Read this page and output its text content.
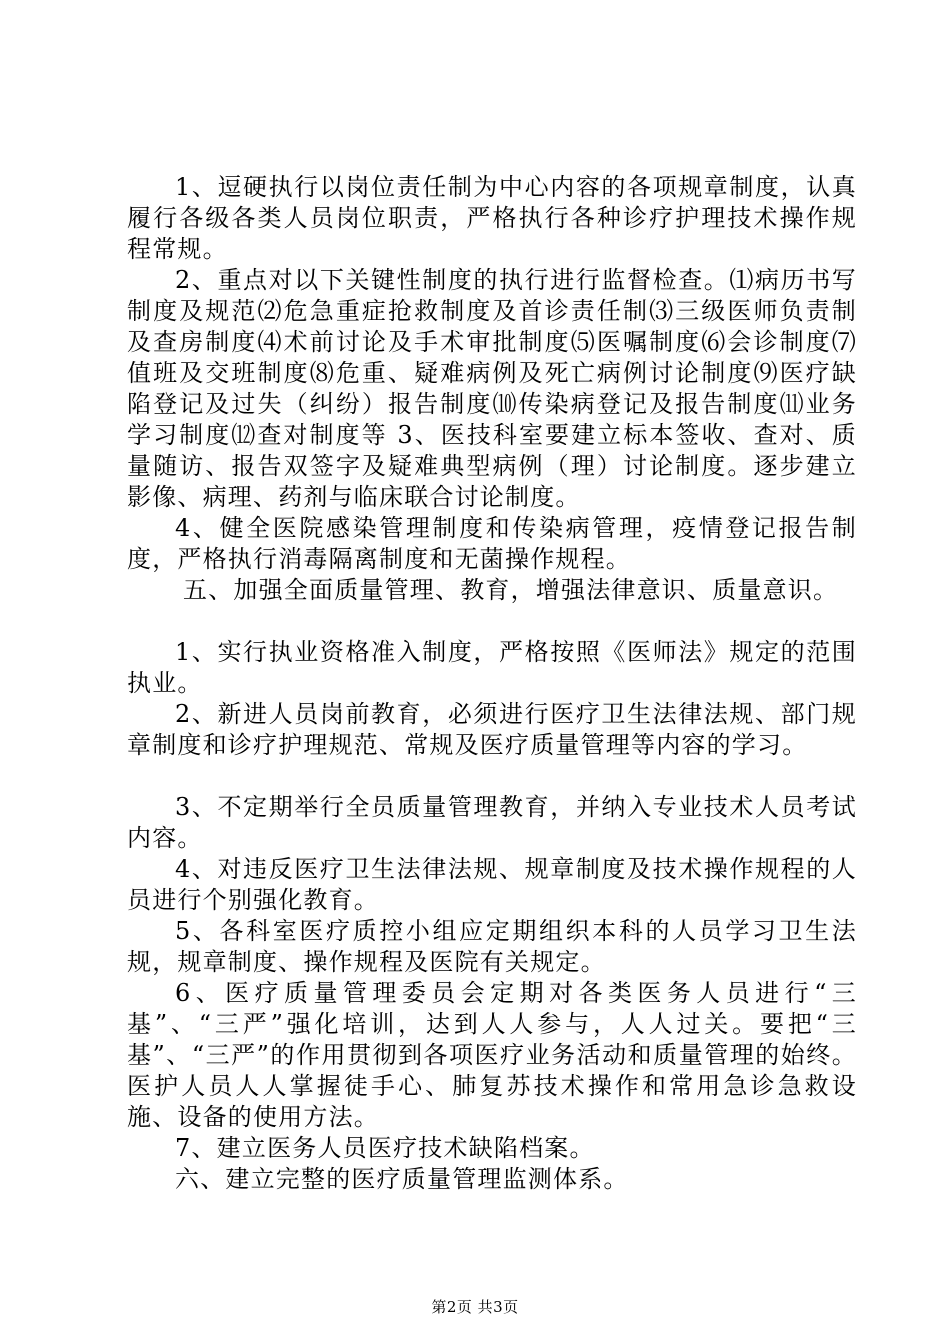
1、逗硬执行以岗位责任制为中心内容的各项规章制度，认真履行各级各类人员岗位职责，严格执行各种诊疗护理技术操作规程常规。

2、重点对以下关键性制度的执行进行监督检查。⑴病历书写制度及规范⑵危急重症抢救制度及首诊责任制⑶三级医师负责制及查房制度⑷术前讨论及手术审批制度⑸医嘱制度⑹会诊制度⑺值班及交班制度⑻危重、疑难病例及死亡病例讨论制度⑼医疗缺陷登记及过失（纠纷）报告制度⑽传染病登记及报告制度⑾业务学习制度⑿查对制度等 3、医技科室要建立标本签收、查对、质量随访、报告双签字及疑难典型病例（理）讨论制度。逐步建立影像、病理、药剂与临床联合讨论制度。

4、健全医院感染管理制度和传染病管理，疫情登记报告制度，严格执行消毒隔离制度和无菌操作规程。

五、加强全面质量管理、教育，增强法律意识、质量意识。

1、实行执业资格准入制度，严格按照《医师法》规定的范围执业。

2、新进人员岗前教育，必须进行医疗卫生法律法规、部门规章制度和诊疗护理规范、常规及医疗质量管理等内容的学习。

3、不定期举行全员质量管理教育，并纳入专业技术人员考试内容。

4、对违反医疗卫生法律法规、规章制度及技术操作规程的人员进行个别强化教育。

5、各科室医疗质控小组应定期组织本科的人员学习卫生法规，规章制度、操作规程及医院有关规定。

6、医疗质量管理委员会定期对各类医务人员进行“三基”、“三严”强化培训，达到人人参与，人人过关。要把“三基”、“三严”的作用贯彻到各项医疗业务活动和质量管理的始终。医护人员人人掌握徒手心、肺复苏技术操作和常用急诊急救设施、设备的使用方法。

7、建立医务人员医疗技术缺陷档案。

六、建立完整的医疗质量管理监测体系。

第2页 共3页
